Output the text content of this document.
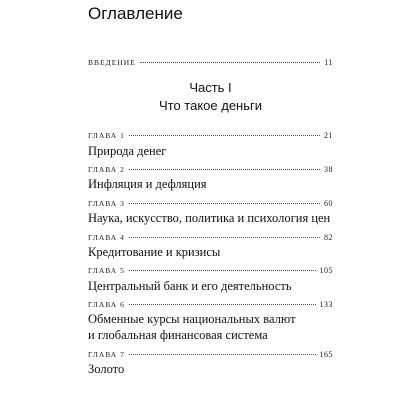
Оглавление
ВВЕДЕНИЕ	11
Часть I
Что такое деньги
ГЛАВА 1	21
Природа денег
ГЛАВА 2	38
Инфляция и дефляция
ГЛАВА 3	60
Наука, искусство, политика и психология цен
ГЛАВА 4	82
Кредитование и кризисы
ГЛАВА 5	105
Центральный банк и его деятельность
ГЛАВА 6	133
Обменные курсы национальных валют
и глобальная финансовая система
ГЛАВА 7	165
Золото
